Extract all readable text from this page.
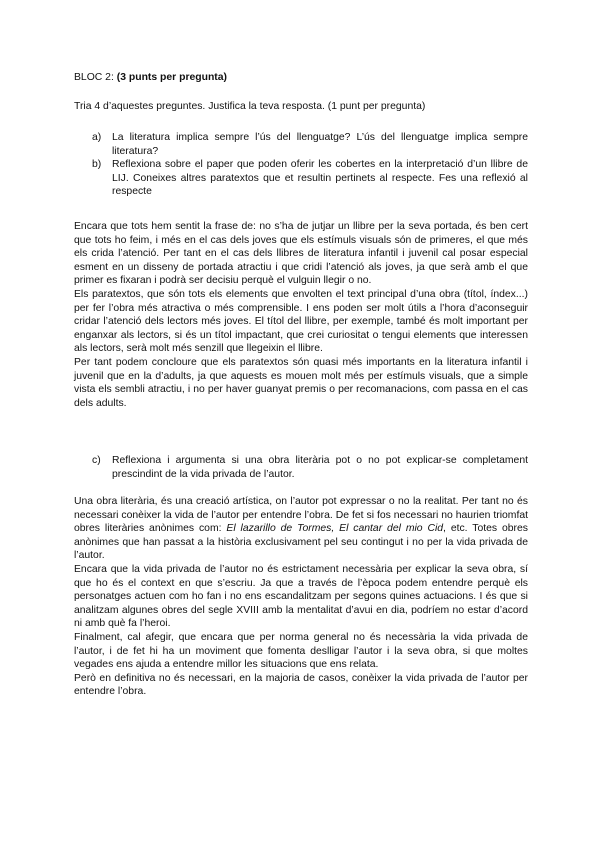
BLOC 2: (3 punts per pregunta)
Tria 4 d’aquestes preguntes. Justifica la teva resposta. (1 punt per pregunta)
a) La literatura implica sempre l’ús del llenguatge? L’ús del llenguatge implica sempre literatura?
b) Reflexiona sobre el paper que poden oferir les cobertes en la interpretació d’un llibre de LIJ. Coneixes altres paratextos que et resultin pertinets al respecte. Fes una reflexió al respecte

Encara que tots hem sentit la frase de: no s’ha de jutjar un llibre per la seva portada, és ben cert que tots ho feim, i més en el cas dels joves que els estímuls visuals són de primeres, el que més els crida l’atenció. Per tant en el cas dels llibres de literatura infantil i juvenil cal posar especial esment en un disseny de portada atractiu i que cridi l’atenció als joves, ja que serà amb el que primer es fixaran i podrà ser decisiu perquè el vulguin llegir o no.

Els paratextos, que són tots els elements que envolten el text principal d’una obra (títol, índex...) per fer l’obra més atractiva o més comprensible. I ens poden ser molt útils a l’hora d’aconseguir cridar l’atenció dels lectors més joves. El títol del llibre, per exemple, també és molt important per enganxar als lectors, si és un títol impactant, que crei curiositat o tengui elements que interessen als lectors, serà molt més senzill que llegeixin el llibre.

Per tant podem concloure que els paratextos són quasi més importants en la literatura infantil i juvenil que en la d’adults, ja que aquests es mouen molt més per estímuls visuals, que a simple vista els sembli atractiu, i no per haver guanyat premis o per recomanacions, com passa en el cas dels adults.

c) Reflexiona i argumenta si una obra literària pot o no pot explicar-se completament prescindint de la vida privada de l’autor.

Una obra literària, és una creació artística, on l’autor pot expressar o no la realitat. Per tant no és necessari conèixer la vida de l’autor per entendre l’obra. De fet si fos necessari no haurien triomfat obres literàries anònimes com: El lazarillo de Tormes, El cantar del mio Cid, etc. Totes obres anònimes que han passat a la història exclusivament pel seu contingut i no per la vida privada de l’autor.

Encara que la vida privada de l’autor no és estrictament necessària per explicar la seva obra, sí que ho és el context en que s’escriu. Ja que a través de l’època podem entendre perquè els personatges actuen com ho fan i no ens escandalitzam per segons quines actuacions. I és que si analitzam algunes obres del segle XVIII amb la mentalitat d’avui en dia, podríem no estar d’acord ni amb què fa l’heroi.

Finalment, cal afegir, que encara que per norma general no és necessària la vida privada de l’autor, i de fet hi ha un moviment que fomenta deslligar l’autor i la seva obra, si que moltes vegades ens ajuda a entendre millor les situacions que ens relata.

Però en definitiva no és necessari, en la majoria de casos, conèixer la vida privada de l’autor per entendre l’obra.
